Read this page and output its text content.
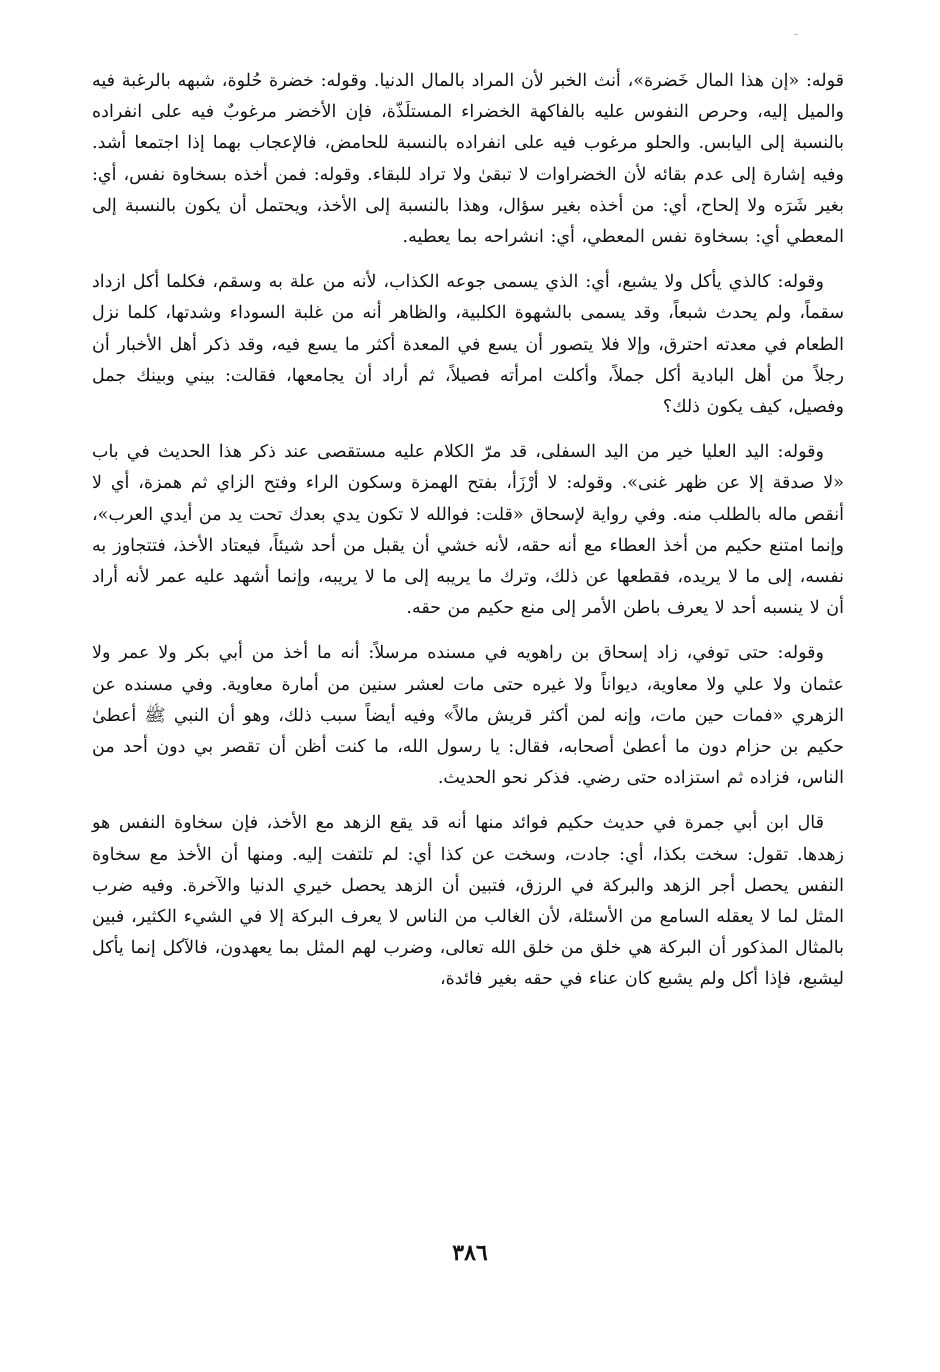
قوله: «إن هذا المال خَضرة»، أنث الخبر لأن المراد بالمال الدنيا. وقوله: خضرة حُلوة، شبهه بالرغبة فيه والميل إليه، وحرص النفوس عليه بالفاكهة الخضراء المستلَذّة، فإن الأخضر مرغوبٌ فيه على انفراده بالنسبة إلى اليابس. والحلو مرغوب فيه على انفراده بالنسبة للحامض، فالإعجاب بهما إذا اجتمعا أشد. وفيه إشارة إلى عدم بقائه لأن الخضراوات لا تبقىٰ ولا تراد للبقاء. وقوله: فمن أخذه بسخاوة نفس، أي: بغير شَرَه ولا إلحاح، أي: من أخذه بغير سؤال، وهذا بالنسبة إلى الأخذ، ويحتمل أن يكون بالنسبة إلى المعطي أي: بسخاوة نفس المعطي، أي: انشراحه بما يعطيه.

وقوله: كالذي يأكل ولا يشبع، أي: الذي يسمى جوعه الكذاب، لأنه من علة به وسقم، فكلما أكل ازداد سقماً، ولم يحدث شبعاً، وقد يسمى بالشهوة الكلبية، والظاهر أنه من غلبة السوداء وشدتها، كلما نزل الطعام في معدته احترق، وإلا فلا يتصور أن يسع في المعدة أكثر ما يسع فيه، وقد ذكر أهل الأخبار أن رجلاً من أهل البادية أكل جملاً، وأكلت امرأته فصيلاً، ثم أراد أن يجامعها، فقالت: بيني وبينك جمل وفصيل، كيف يكون ذلك؟

وقوله: اليد العليا خير من اليد السفلى، قد مرّ الكلام عليه مستقصى عند ذكر هذا الحديث في باب «لا صدقة إلا عن ظهر غنى». وقوله: لا أرْزَأ، بفتح الهمزة وسكون الراء وفتح الزاي ثم همزة، أي لا أنقص ماله بالطلب منه. وفي رواية لإسحاق «قلت: فوالله لا تكون يدي بعدك تحت يد من أيدي العرب»، وإنما امتنع حكيم من أخذ العطاء مع أنه حقه، لأنه خشي أن يقبل من أحد شيئاً، فيعتاد الأخذ، فتتجاوز به نفسه، إلى ما لا يريده، فقطعها عن ذلك، وترك ما يريبه إلى ما لا يريبه، وإنما أشهد عليه عمر لأنه أراد أن لا ينسبه أحد لا يعرف باطن الأمر إلى منع حكيم من حقه.

وقوله: حتى توفي، زاد إسحاق بن راهويه في مسنده مرسلاً: أنه ما أخذ من أبي بكر ولا عمر ولا عثمان ولا علي ولا معاوية، ديواناً ولا غيره حتى مات لعشر سنين من أمارة معاوية. وفي مسنده عن الزهري «فمات حين مات، وإنه لمن أكثر قريش مالاً» وفيه أيضاً سبب ذلك، وهو أن النبي ﷺ أعطىٰ حكيم بن حزام دون ما أعطىٰ أصحابه، فقال: يا رسول الله، ما كنت أظن أن تقصر بي دون أحد من الناس، فزاده ثم استزاده حتى رضي. فذكر نحو الحديث.

قال ابن أبي جمرة في حديث حكيم فوائد منها أنه قد يقع الزهد مع الأخذ، فإن سخاوة النفس هو زهدها. تقول: سخت بكذا، أي: جادت، وسخت عن كذا أي: لم تلتفت إليه. ومنها أن الأخذ مع سخاوة النفس يحصل أجر الزهد والبركة في الرزق، فتبين أن الزهد يحصل خيري الدنيا والآخرة. وفيه ضرب المثل لما لا يعقله السامع من الأسئلة، لأن الغالب من الناس لا يعرف البركة إلا في الشيء الكثير، فبين بالمثال المذكور أن البركة هي خلق من خلق الله تعالى، وضرب لهم المثل بما يعهدون، فالآكل إنما يأكل ليشبع، فإذا أكل ولم يشبع كان عناء في حقه بغير فائدة،

٣٨٦
